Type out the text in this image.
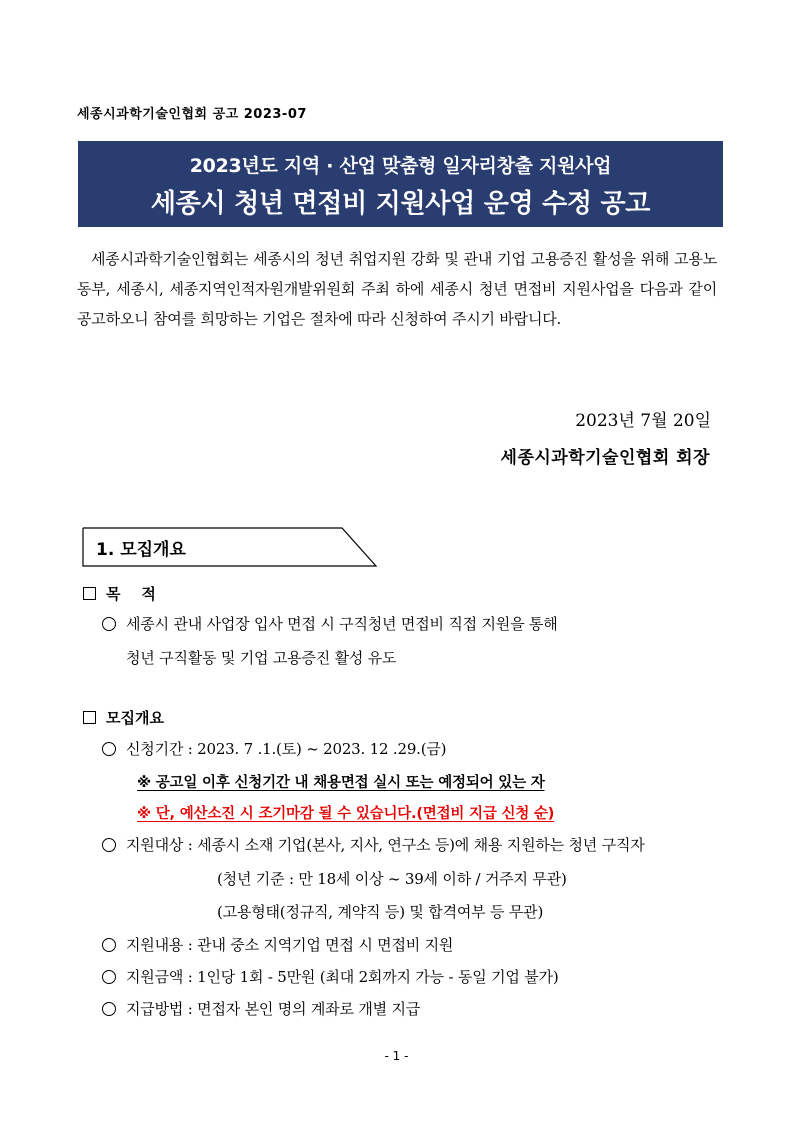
세종시과학기술인협회 공고 2023-07
2023년도 지역 · 산업 맞춤형 일자리창출 지원사업
세종시 청년 면접비 지원사업 운영 수정 공고
세종시과학기술인협회는 세종시의 청년 취업지원 강화 및 관내 기업 고용증진 활성을 위해 고용노동부, 세종시, 세종지역인적자원개발위원회 주최 하에 세종시 청년 면접비 지원사업을 다음과 같이 공고하오니 참여를 희망하는 기업은 절차에 따라 신청하여 주시기 바랍니다.
2023년 7월 20일
세종시과학기술인협회 회장
1. 모집개요
목    적
세종시 관내 사업장 입사 면접 시 구직청년 면접비 직접 지원을 통해
청년 구직활동 및 기업 고용증진 활성 유도
모집개요
신청기간 : 2023. 7 .1.(토) ~ 2023. 12 .29.(금)
※ 공고일 이후 신청기간 내 채용면접 실시 또는 예정되어 있는 자
※ 단, 예산소진 시 조기마감 될 수 있습니다.(면접비 지급 신청 순)
지원대상 : 세종시 소재 기업(본사, 지사, 연구소 등)에 채용 지원하는 청년 구직자
(청년 기준 : 만 18세 이상 ~ 39세 이하 / 거주지 무관)
(고용형태(정규직, 계약직 등) 및 합격여부 등 무관)
지원내용 : 관내 중소 지역기업 면접 시 면접비 지원
지원금액 : 1인당 1회 - 5만원 (최대 2회까지 가능 - 동일 기업 불가)
지급방법 : 면접자 본인 명의 계좌로 개별 지급
- 1 -
